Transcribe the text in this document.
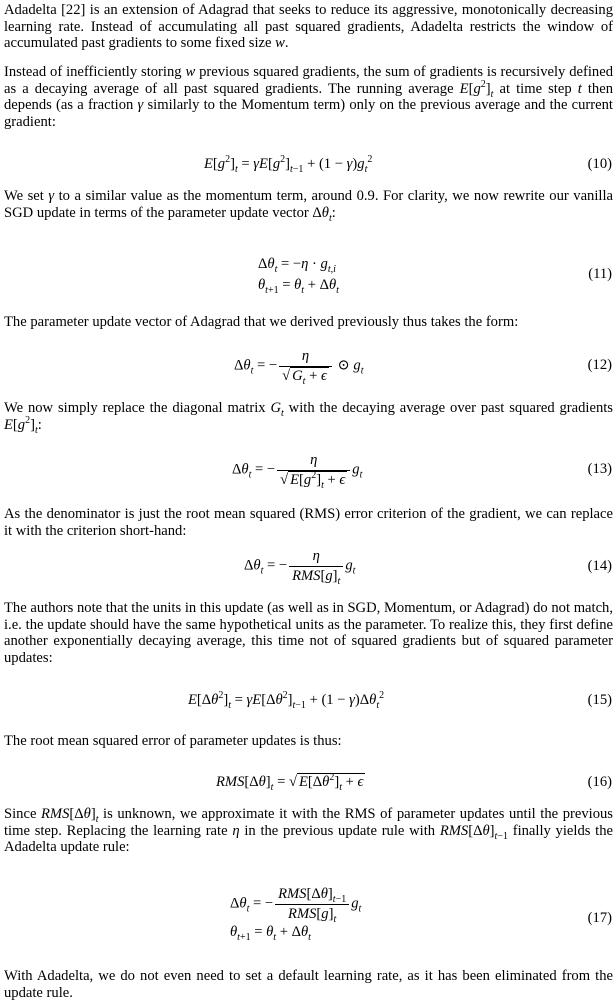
Adadelta [22] is an extension of Adagrad that seeks to reduce its aggressive, monotonically decreasing learning rate. Instead of accumulating all past squared gradients, Adadelta restricts the window of accumulated past gradients to some fixed size w.

Instead of inefficiently storing w previous squared gradients, the sum of gradients is recursively defined as a decaying average of all past squared gradients. The running average $E[g^2]_t$ at time step t then depends (as a fraction γ similarly to the Momentum term) only on the previous average and the current gradient:

$E[g^2]_t = \gamma E[g^2]_{t-1} + (1 - \gamma)g_t^2$	(10)

We set γ to a similar value as the momentum term, around 0.9. For clarity, we now rewrite our vanilla SGD update in terms of the parameter update vector $\Delta\theta_t$:

$\Delta\theta_t = -\eta \cdot g_{t,i}$
$\theta_{t+1} = \theta_t + \Delta\theta_t$
(11)

The parameter update vector of Adagrad that we derived previously thus takes the form:

$\Delta\theta_t$ = − $\frac{\eta}{√ G_t + \epsilon}$ ⊙ $g_t$	(12)

We now simply replace the diagonal matrix $G_t$ with the decaying average over past squared gradients $E[g^2]_t$:

$\Delta\theta_t$ = − $\frac{\eta}{√ E[g^2]_t + \epsilon} g_t$	(13)

As the denominator is just the root mean squared (RMS) error criterion of the gradient, we can replace it with the criterion short-hand:

$\Delta\theta_t$ = − $\frac{\eta}{RMS[g]_t} g_t$	(14)

The authors note that the units in this update (as well as in SGD, Momentum, or Adagrad) do not match, i.e. the update should have the same hypothetical units as the parameter. To realize this, they first define another exponentially decaying average, this time not of squared gradients but of squared parameter updates:

$E[\Delta\theta^2]_t = \gamma E[\Delta\theta^2]_{t-1} + (1 - \gamma)\Delta\theta_t^2$	(15)

The root mean squared error of parameter updates is thus:

$RMS[\Delta\theta]_t$ = √ $E[\Delta\theta^2]_t + \epsilon$	(16)

Since $RMS[\Delta\theta]_t$ is unknown, we approximate it with the RMS of parameter updates until the previous time step. Replacing the learning rate η in the previous update rule with $RMS[\Delta\theta]_{t-1}$ finally yields the Adadelta update rule:

$\Delta\theta_t$ = − $\frac{RMS[\Delta\theta]_{t-1}}{RMS[g]_t} g_t$
$\theta_{t+1} = \theta_t + \Delta\theta_t$
(17)

With Adadelta, we do not even need to set a default learning rate, as it has been eliminated from the update rule.
